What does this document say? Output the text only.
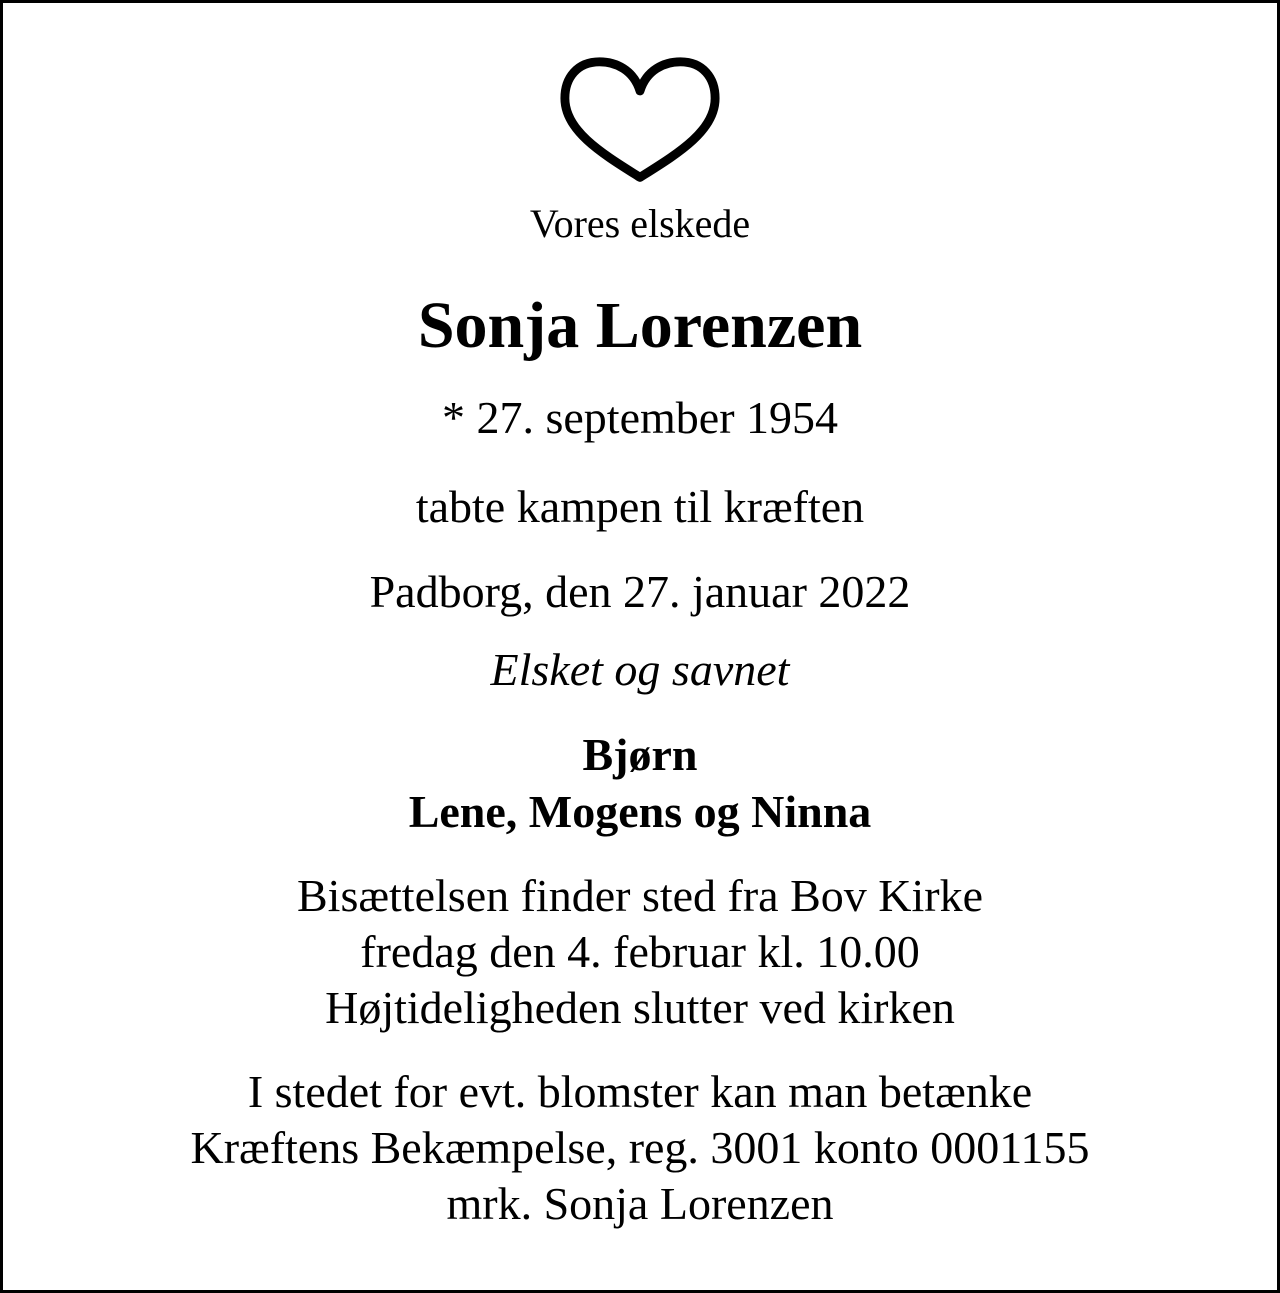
Vores elskede

Sonja Lorenzen

* 27. september 1954

tabte kampen til kræften

Padborg, den 27. januar 2022

Elsket og savnet

Bjørn

Lene, Mogens og Ninna

Bisættelsen finder sted fra Bov Kirke

fredag den 4. februar kl. 10.00

Højtideligheden slutter ved kirken

I stedet for evt. blomster kan man betænke

Kræftens Bekæmpelse, reg. 3001 konto 0001155

mrk. Sonja Lorenzen
